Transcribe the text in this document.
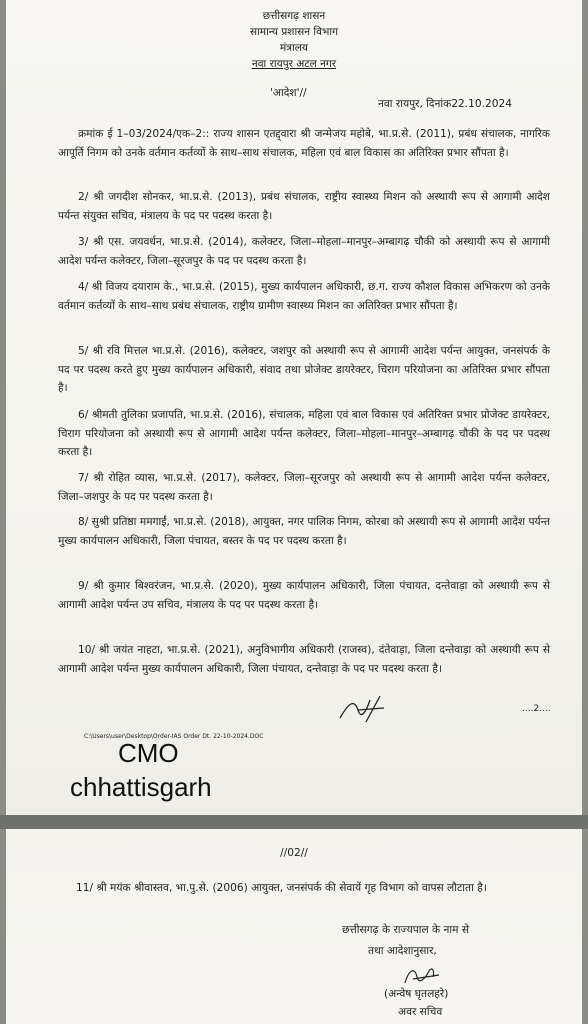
छत्तीसगढ़ शासन
सामान्य प्रशासन विभाग
मंत्रालय
नवा रायपुर अटल नगर
'आदेश'//
नवा रायपुर, दिनांक22.10.2024
क्रमांक ई 1–03/2024/एक–2:: राज्य शासन एतद्द्वारा श्री जन्मेजय महोबे, भा.प्र.से. (2011), प्रबंध संचालक, नागरिक आपूर्ति निगम को उनके वर्तमान कर्तव्यों के साथ–साथ संचालक, महिला एवं बाल विकास का अतिरिक्त प्रभार सौंपता है।
2/ श्री जगदीश सोनकर, भा.प्र.से. (2013), प्रबंध संचालक, राष्ट्रीय स्वास्थ्य मिशन को अस्थायी रूप से आगामी आदेश पर्यन्त संयुक्त सचिव, मंत्रालय के पद पर पदस्थ करता है।
3/ श्री एस. जयवर्धन, भा.प्र.से. (2014), कलेक्टर, जिला–मोहला–मानपुर–अम्बागढ़ चौकी को अस्थायी रूप से आगामी आदेश पर्यन्त कलेक्टर, जिला–सूरजपुर के पद पर पदस्थ करता है।
4/ श्री विजय दयाराम के., भा.प्र.से. (2015), मुख्य कार्यपालन अधिकारी, छ.ग. राज्य कौशल विकास अभिकरण को उनके वर्तमान कर्तव्यों के साथ–साथ प्रबंध संचालक, राष्ट्रीय ग्रामीण स्वास्थ्य मिशन का अतिरिक्त प्रभार सौंपता है।
5/ श्री रवि मित्तल भा.प्र.से. (2016), कलेक्टर, जशपुर को अस्थायी रूप से आगामी आदेश पर्यन्त आयुक्त, जनसंपर्क के पद पर पदस्थ करते हुए मुख्य कार्यपालन अधिकारी, संवाद तथा प्रोजेक्ट डायरेक्टर, चिराग परियोजना का अतिरिक्त प्रभार सौंपता है।
6/ श्रीमती तुलिका प्रजापति, भा.प्र.से. (2016), संचालक, महिला एवं बाल विकास एवं अतिरिक्त प्रभार प्रोजेक्ट डायरेक्टर, चिराग परियोजना को अस्थायी रूप से आगामी आदेश पर्यन्त कलेक्टर, जिला–मोहला–मानपुर–अम्बागढ़ चौकी के पद पर पदस्थ करता है।
7/ श्री रोहित व्यास, भा.प्र.से. (2017), कलेक्टर, जिला–सूरजपुर को अस्थायी रूप से आगामी आदेश पर्यन्त कलेक्टर, जिला–जशपुर के पद पर पदस्थ करता है।
8/ सुश्री प्रतिष्ठा ममगाईं, भा.प्र.से. (2018), आयुक्त, नगर पालिक निगम, कोरबा को अस्थायी रूप से आगामी आदेश पर्यन्त मुख्य कार्यपालन अधिकारी, जिला पंचायत, बस्तर के पद पर पदस्थ करता है।
9/ श्री कुमार बिश्वरंजन, भा.प्र.से. (2020), मुख्य कार्यपालन अधिकारी, जिला पंचायत, दन्तेवाड़ा को अस्थायी रूप से आगामी आदेश पर्यन्त उप सचिव, मंत्रालय के पद पर पदस्थ करता है।
10/ श्री जयंत नाहटा, भा.प्र.से. (2021), अनुविभागीय अधिकारी (राजस्व), दंतेवाड़ा, जिला दन्तेवाड़ा को अस्थायी रूप से आगामी आदेश पर्यन्त मुख्य कार्यपालन अधिकारी, जिला पंचायत, दन्तेवाड़ा के पद पर पदस्थ करता है।
....2....
C:\Users\user\Desktop\Order-IAS Order Dt. 22-10-2024.DOC
CMO
chhattisgarh
//02//
11/ श्री मयंक श्रीवास्तव, भा.पु.से. (2006) आयुक्त, जनसंपर्क की सेवायें गृह विभाग को वापस लौटाता है।
छत्तीसगढ़ के राज्यपाल के नाम से
तथा आदेशानुसार,
(अन्वेष घृतलहरे)
अवर सचिव
